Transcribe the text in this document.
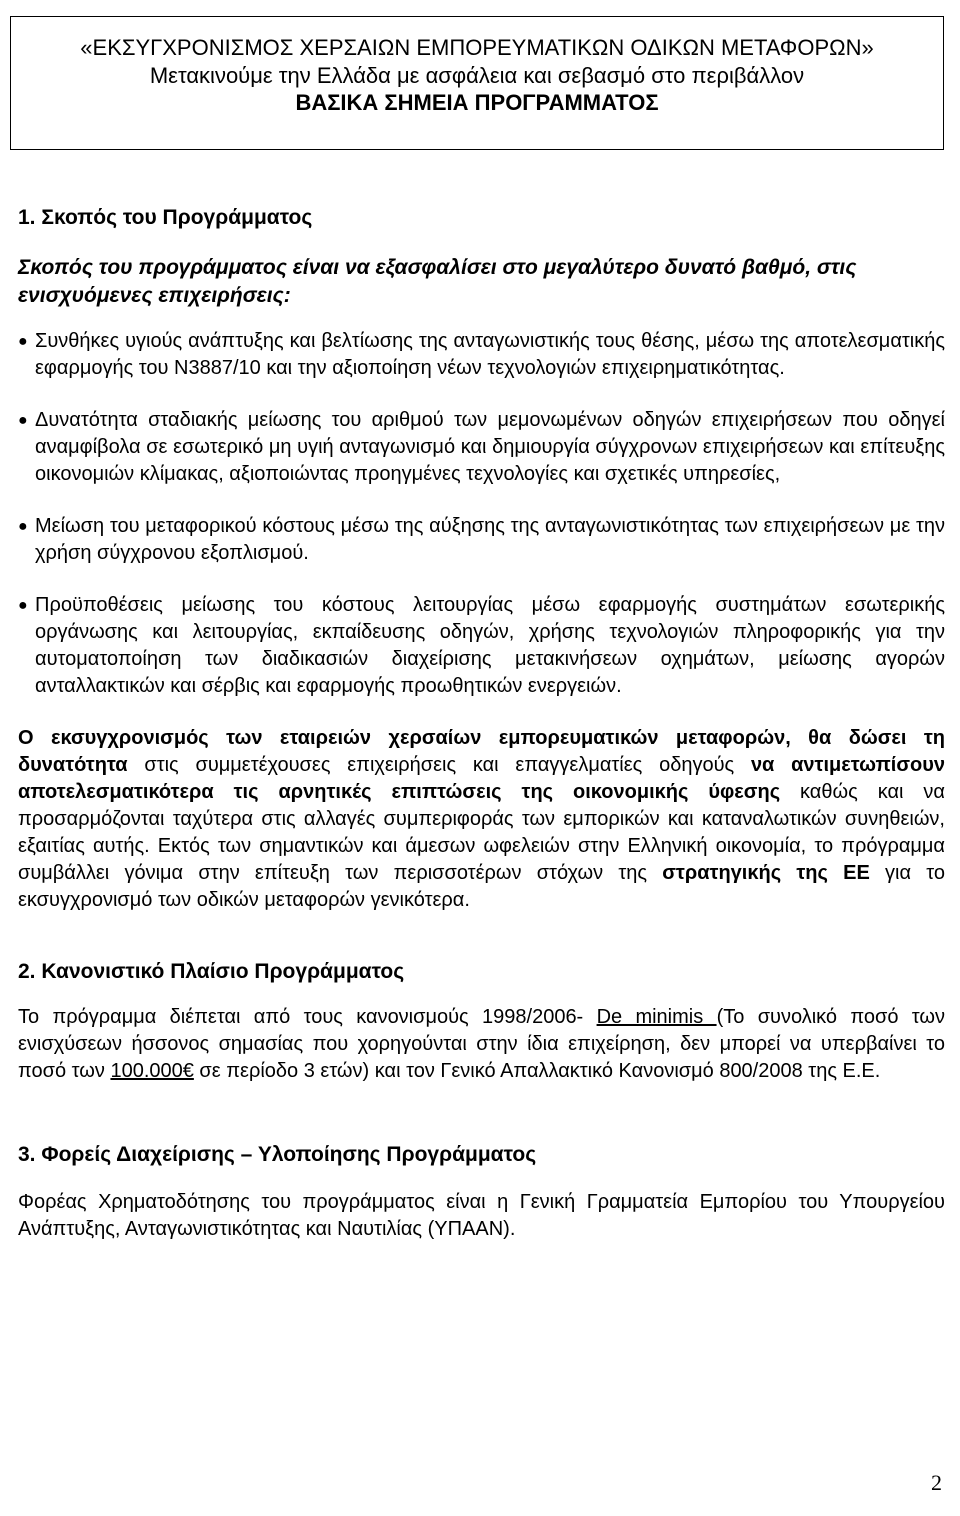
«ΕΚΣΥΓΧΡΟΝΙΣΜΟΣ ΧΕΡΣΑΙΩΝ ΕΜΠΟΡΕΥΜΑΤΙΚΩΝ ΟΔΙΚΩΝ ΜΕΤΑΦΟΡΩΝ»
Μετακινούμε την Ελλάδα με ασφάλεια και σεβασμό στο περιβάλλον
ΒΑΣΙΚΑ ΣΗΜΕΙΑ ΠΡΟΓΡΑΜΜΑΤΟΣ

1. Σκοπός του Προγράμματος

Σκοπός του προγράμματος είναι να εξασφαλίσει στο μεγαλύτερο δυνατό βαθμό, στις ενισχυόμενες επιχειρήσεις:

● Συνθήκες υγιούς ανάπτυξης και βελτίωσης της ανταγωνιστικής τους θέσης, μέσω της αποτελεσματικής εφαρμογής του Ν3887/10 και την αξιοποίηση νέων τεχνολογιών επιχειρηματικότητας.
● Δυνατότητα σταδιακής μείωσης του αριθμού των μεμονωμένων οδηγών επιχειρήσεων που οδηγεί αναμφίβολα σε εσωτερικό μη υγιή ανταγωνισμό και δημιουργία σύγχρονων επιχειρήσεων και επίτευξης οικονομιών κλίμακας, αξιοποιώντας προηγμένες τεχνολογίες και σχετικές υπηρεσίες,
● Μείωση του μεταφορικού κόστους μέσω της αύξησης της ανταγωνιστικότητας των επιχειρήσεων με την χρήση σύγχρονου εξοπλισμού.
● Προϋποθέσεις μείωσης του κόστους λειτουργίας μέσω εφαρμογής συστημάτων εσωτερικής οργάνωσης και λειτουργίας, εκπαίδευσης οδηγών, χρήσης τεχνολογιών πληροφορικής για την αυτοματοποίηση των διαδικασιών διαχείρισης μετακινήσεων οχημάτων, μείωσης αγορών ανταλλακτικών και σέρβις και εφαρμογής προωθητικών ενεργειών.

Ο εκσυγχρονισμός των εταιρειών χερσαίων εμπορευματικών μεταφορών, θα δώσει τη δυνατότητα στις συμμετέχουσες επιχειρήσεις και επαγγελματίες οδηγούς να αντιμετωπίσουν αποτελεσματικότερα τις αρνητικές επιπτώσεις της οικονομικής ύφεσης καθώς και να προσαρμόζονται ταχύτερα στις αλλαγές συμπεριφοράς των εμπορικών και καταναλωτικών συνηθειών, εξαιτίας αυτής. Εκτός των σημαντικών και άμεσων ωφελειών στην Ελληνική οικονομία, το πρόγραμμα συμβάλλει γόνιμα στην επίτευξη των περισσοτέρων στόχων της στρατηγικής της ΕΕ για το εκσυγχρονισμό των οδικών μεταφορών γενικότερα.

2. Κανονιστικό Πλαίσιο Προγράμματος

Το πρόγραμμα διέπεται από τους κανονισμούς 1998/2006- De minimis (Το συνολικό ποσό των ενισχύσεων ήσσονος σημασίας που χορηγούνται στην ίδια επιχείρηση, δεν μπορεί να υπερβαίνει το ποσό των 100.000€ σε περίοδο 3 ετών) και τον Γενικό Απαλλακτικό Κανονισμό 800/2008 της Ε.Ε.

3. Φορείς Διαχείρισης – Υλοποίησης Προγράμματος

Φορέας Χρηματοδότησης του προγράμματος είναι η Γενική Γραμματεία Εμπορίου του Υπουργείου Ανάπτυξης, Ανταγωνιστικότητας και Ναυτιλίας (ΥΠΑΑΝ).

2
